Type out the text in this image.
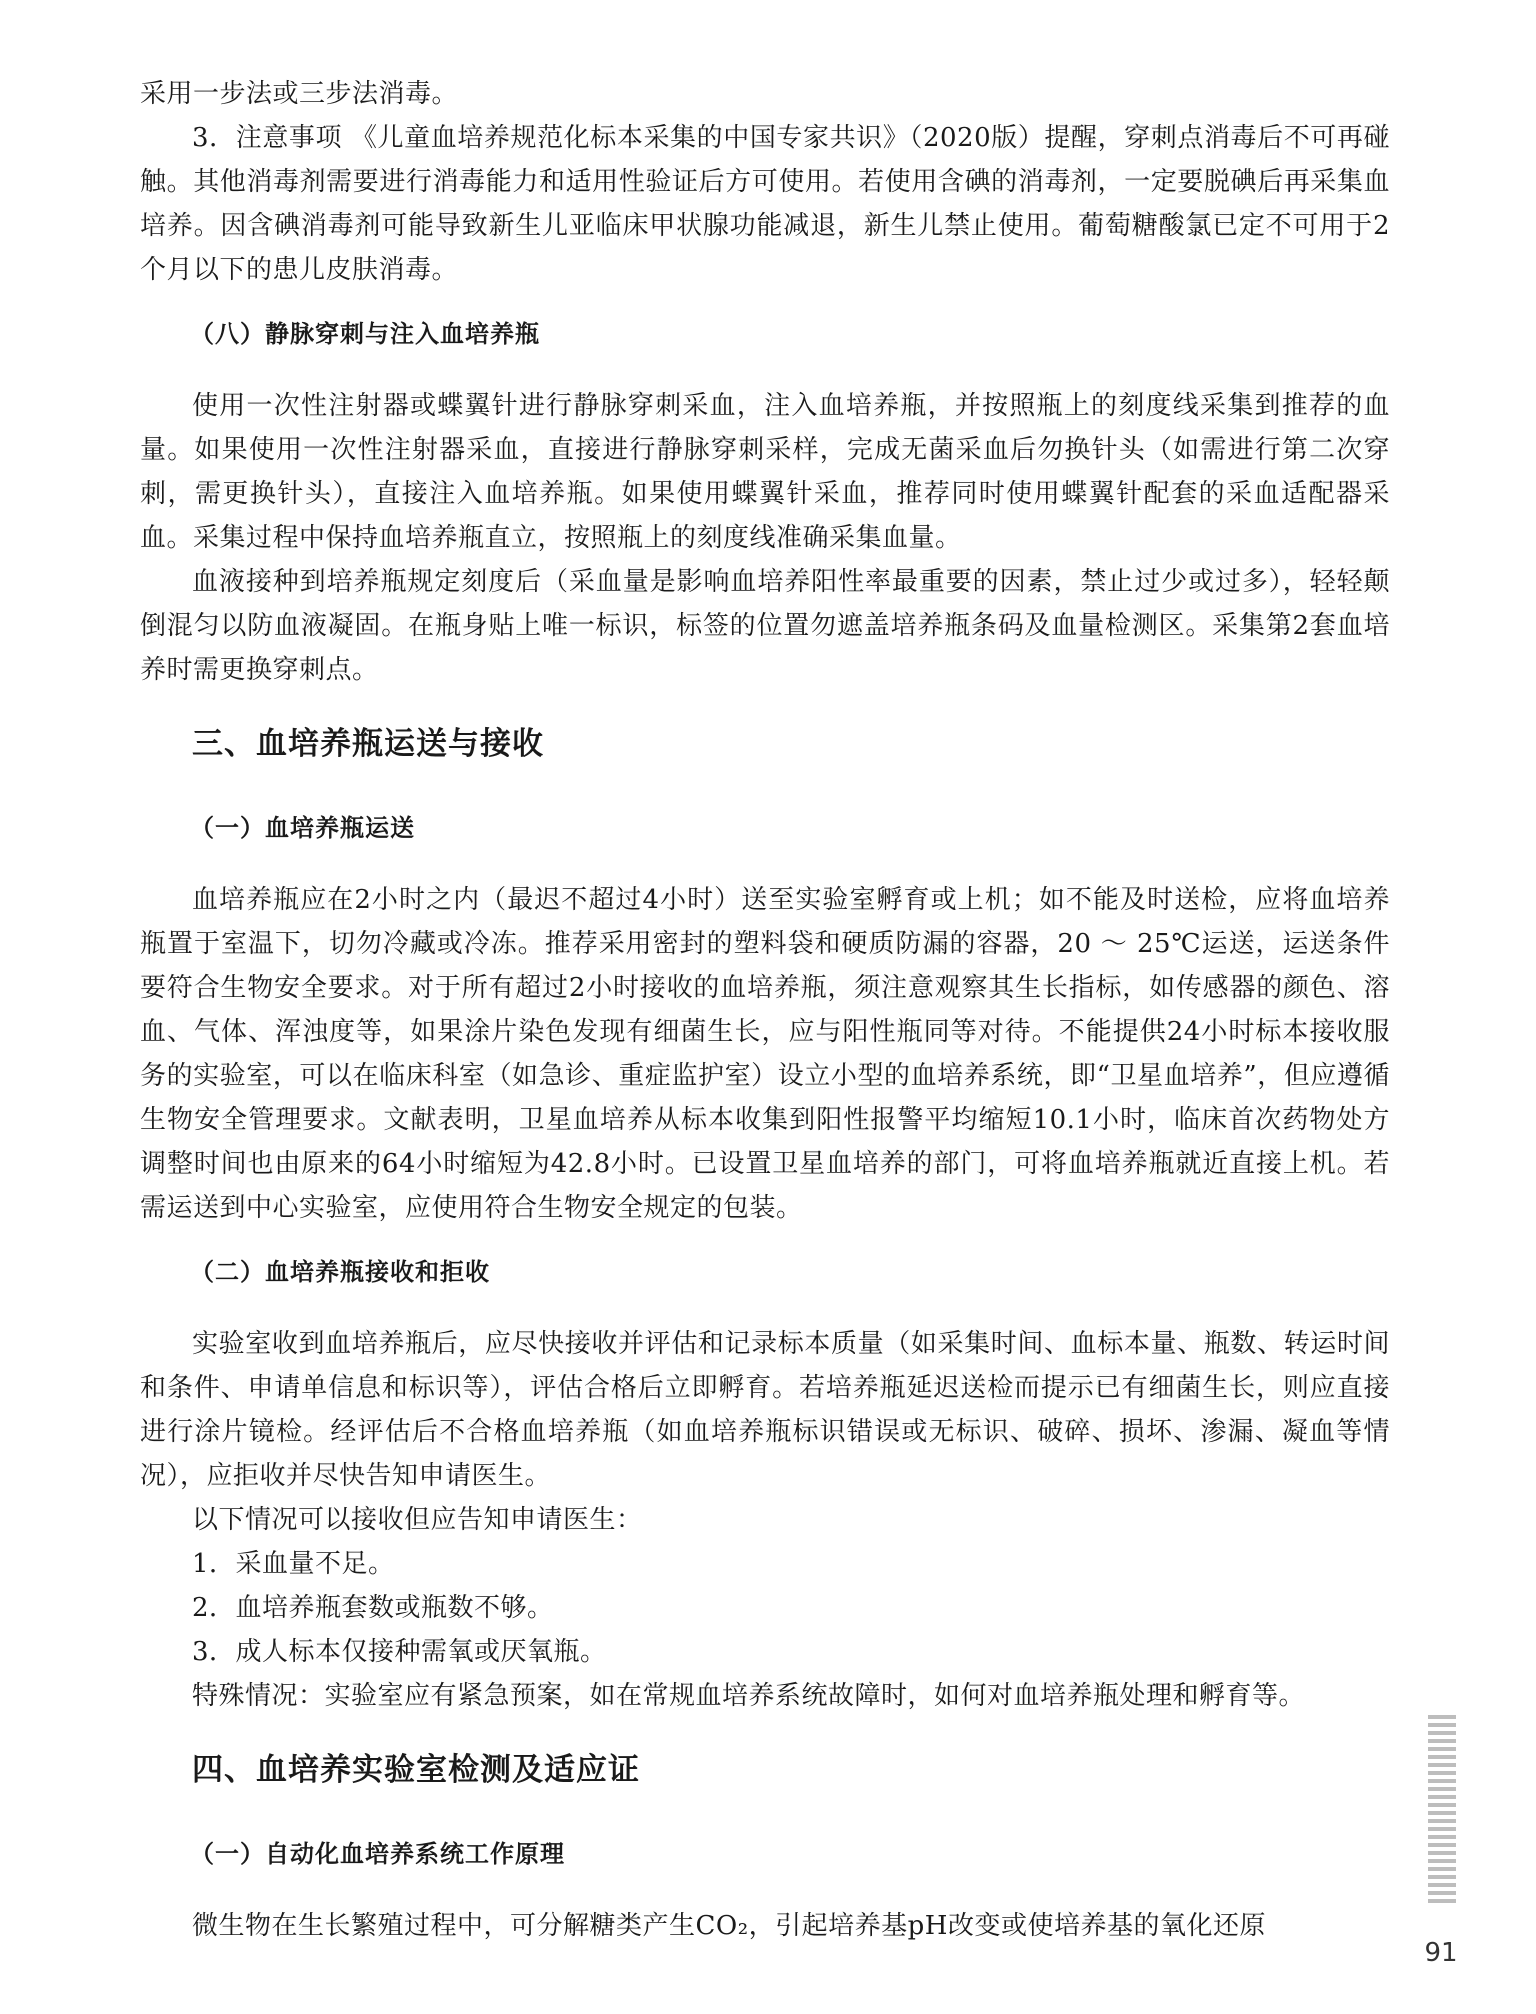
采用一步法或三步法消毒。

3．注意事项 《儿童血培养规范化标本采集的中国专家共识》（2020版）提醒，穿刺点消毒后不可再碰触。其他消毒剂需要进行消毒能力和适用性验证后方可使用。若使用含碘的消毒剂，一定要脱碘后再采集血培养。因含碘消毒剂可能导致新生儿亚临床甲状腺功能减退，新生儿禁止使用。葡萄糖酸氯已定不可用于2个月以下的患儿皮肤消毒。

（八）静脉穿刺与注入血培养瓶

使用一次性注射器或蝶翼针进行静脉穿刺采血，注入血培养瓶，并按照瓶上的刻度线采集到推荐的血量。如果使用一次性注射器采血，直接进行静脉穿刺采样，完成无菌采血后勿换针头（如需进行第二次穿刺，需更换针头），直接注入血培养瓶。如果使用蝶翼针采血，推荐同时使用蝶翼针配套的采血适配器采血。采集过程中保持血培养瓶直立，按照瓶上的刻度线准确采集血量。

血液接种到培养瓶规定刻度后（采血量是影响血培养阳性率最重要的因素，禁止过少或过多），轻轻颠倒混匀以防血液凝固。在瓶身贴上唯一标识，标签的位置勿遮盖培养瓶条码及血量检测区。采集第2套血培养时需更换穿刺点。

三、血培养瓶运送与接收
（一）血培养瓶运送

血培养瓶应在2小时之内（最迟不超过4小时）送至实验室孵育或上机；如不能及时送检，应将血培养瓶置于室温下，切勿冷藏或冷冻。推荐采用密封的塑料袋和硬质防漏的容器，20 ～ 25℃运送，运送条件要符合生物安全要求。对于所有超过2小时接收的血培养瓶，须注意观察其生长指标，如传感器的颜色、溶血、气体、浑浊度等，如果涂片染色发现有细菌生长，应与阳性瓶同等对待。不能提供24小时标本接收服务的实验室，可以在临床科室（如急诊、重症监护室）设立小型的血培养系统，即“卫星血培养”，但应遵循生物安全管理要求。文献表明，卫星血培养从标本收集到阳性报警平均缩短10.1小时，临床首次药物处方调整时间也由原来的64小时缩短为42.8小时。已设置卫星血培养的部门，可将血培养瓶就近直接上机。若需运送到中心实验室，应使用符合生物安全规定的包装。

（二）血培养瓶接收和拒收

实验室收到血培养瓶后，应尽快接收并评估和记录标本质量（如采集时间、血标本量、瓶数、转运时间和条件、申请单信息和标识等），评估合格后立即孵育。若培养瓶延迟送检而提示已有细菌生长，则应直接进行涂片镜检。经评估后不合格血培养瓶（如血培养瓶标识错误或无标识、破碎、损坏、渗漏、凝血等情况），应拒收并尽快告知申请医生。

以下情况可以接收但应告知申请医生：

1．采血量不足。

2．血培养瓶套数或瓶数不够。

3．成人标本仅接种需氧或厌氧瓶。

特殊情况：实验室应有紧急预案，如在常规血培养系统故障时，如何对血培养瓶处理和孵育等。

四、血培养实验室检测及适应证
（一）自动化血培养系统工作原理

微生物在生长繁殖过程中，可分解糖类产生CO₂，引起培养基pH改变或使培养基的氧化还原

91
